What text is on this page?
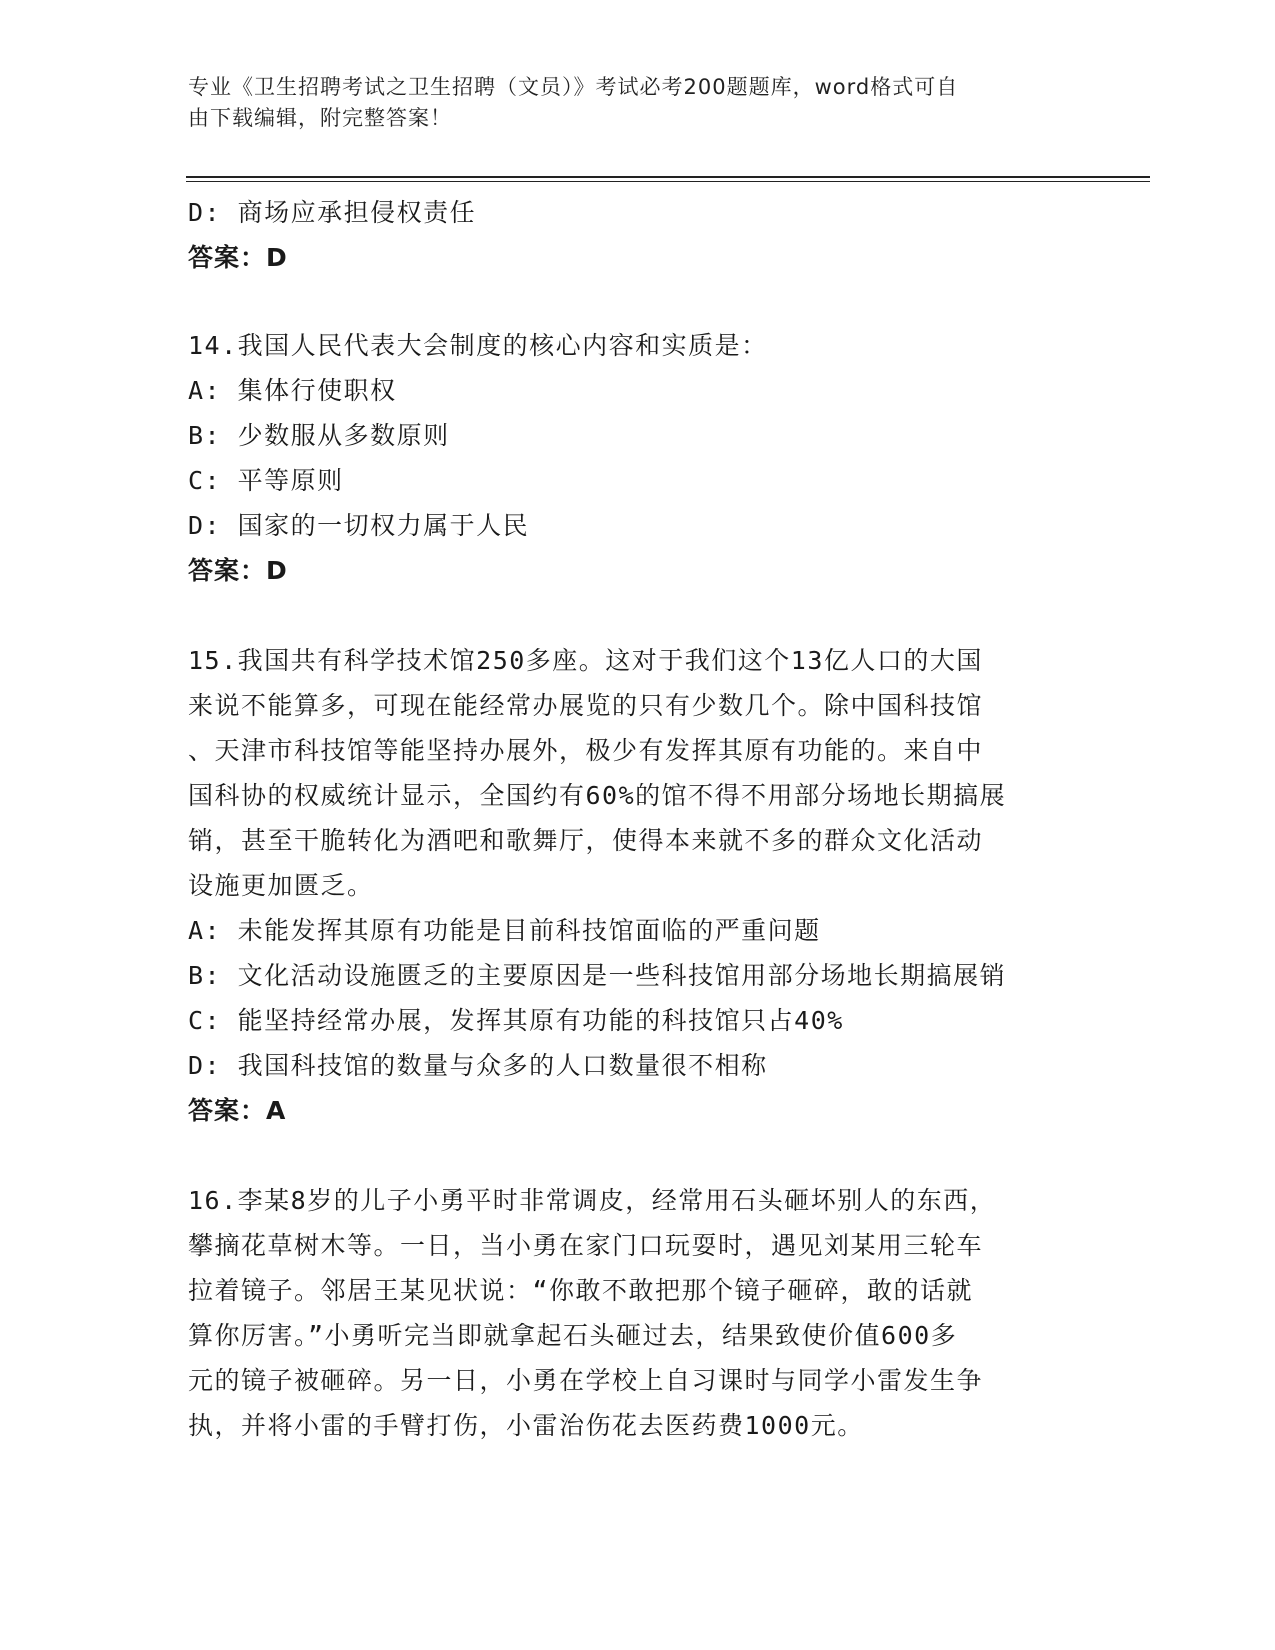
专业《卫生招聘考试之卫生招聘（文员）》考试必考200题题库，word格式可自
由下载编辑，附完整答案！
D: 商场应承担侵权责任
答案：D
14.我国人民代表大会制度的核心内容和实质是：
A: 集体行使职权
B: 少数服从多数原则
C: 平等原则
D: 国家的一切权力属于人民
答案：D
15.我国共有科学技术馆250多座。这对于我们这个13亿人口的大国
来说不能算多，可现在能经常办展览的只有少数几个。除中国科技馆
、天津市科技馆等能坚持办展外，极少有发挥其原有功能的。来自中
国科协的权威统计显示，全国约有60%的馆不得不用部分场地长期搞展
销，甚至干脆转化为酒吧和歌舞厅，使得本来就不多的群众文化活动
设施更加匮乏。
A: 未能发挥其原有功能是目前科技馆面临的严重问题
B: 文化活动设施匮乏的主要原因是一些科技馆用部分场地长期搞展销
C: 能坚持经常办展，发挥其原有功能的科技馆只占40%
D: 我国科技馆的数量与众多的人口数量很不相称
答案：A
16.李某8岁的儿子小勇平时非常调皮，经常用石头砸坏别人的东西，
攀摘花草树木等。一日，当小勇在家门口玩耍时，遇见刘某用三轮车
拉着镜子。邻居王某见状说：“你敢不敢把那个镜子砸碎，敢的话就
算你厉害。”小勇听完当即就拿起石头砸过去，结果致使价值600多
元的镜子被砸碎。另一日，小勇在学校上自习课时与同学小雷发生争
执，并将小雷的手臂打伤，小雷治伤花去医药费1000元。
